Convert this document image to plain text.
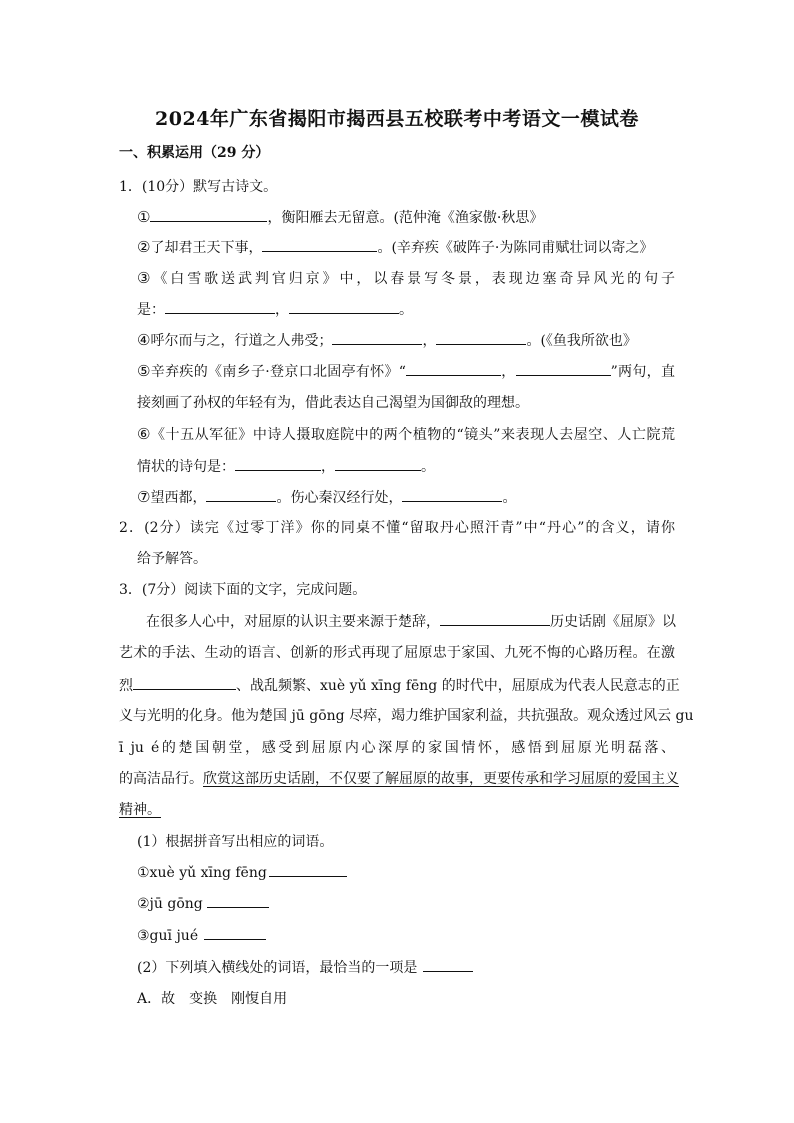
2024年广东省揭阳市揭西县五校联考中考语文一模试卷
一、积累运用（29 分）
1．(10分）默写古诗文。
①	，衡阳雁去无留意。(范仲淹《渔家傲·秋思》
②了却君王天下事，	。(辛弃疾《破阵子·为陈同甫赋壮词以寄之》
③《白雪歌送武判官归京》中，以春景写冬景，表现边塞奇异风光的句子
是：	，	。
④呼尔而与之，行道之人弗受；	，	。(《鱼我所欲也》
⑤辛弃疾的《南乡子·登京口北固亭有怀》“	，	”两句，直
接刻画了孙权的年轻有为，借此表达自己渴望为国御敌的理想。
⑥《十五从军征》中诗人摄取庭院中的两个植物的“镜头”来表现人去屋空、人亡院荒
情状的诗句是：	，	。
⑦望西都，	。伤心秦汉经行处，	。
2．(2分）读完《过零丁洋》你的同桌不懂“留取丹心照汗青”中“丹心”的含义，请你
给予解答。
3．(7分）阅读下面的文字，完成问题。
在很多人心中，对屈原的认识主要来源于楚辞，	历史话剧《屈原》以
艺术的手法、生动的语言、创新的形式再现了屈原忠于家国、九死不悔的心路历程。在激
烈	、战乱频繁、xuè yǔ xīng fēng 的时代中，屈原成为代表人民意志的正
义与光明的化身。他为楚国 jū gōng 尽瘁，竭力维护国家利益，共抗强敌。观众透过风云 gu
ī ju é的楚国朝堂，感受到屈原内心深厚的家国情怀，感悟到屈原光明磊落、
的高洁品行。欣赏这部历史话剧，不仅要了解屈原的故事，更要传承和学习屈原的爱国主义
精神。
(1）根据拼音写出相应的词语。
①xuè yǔ xīng fēng
②jū gōng
③guī jué
(2）下列填入横线处的词语，最恰当的一项是
A．故　变换　刚愎自用
